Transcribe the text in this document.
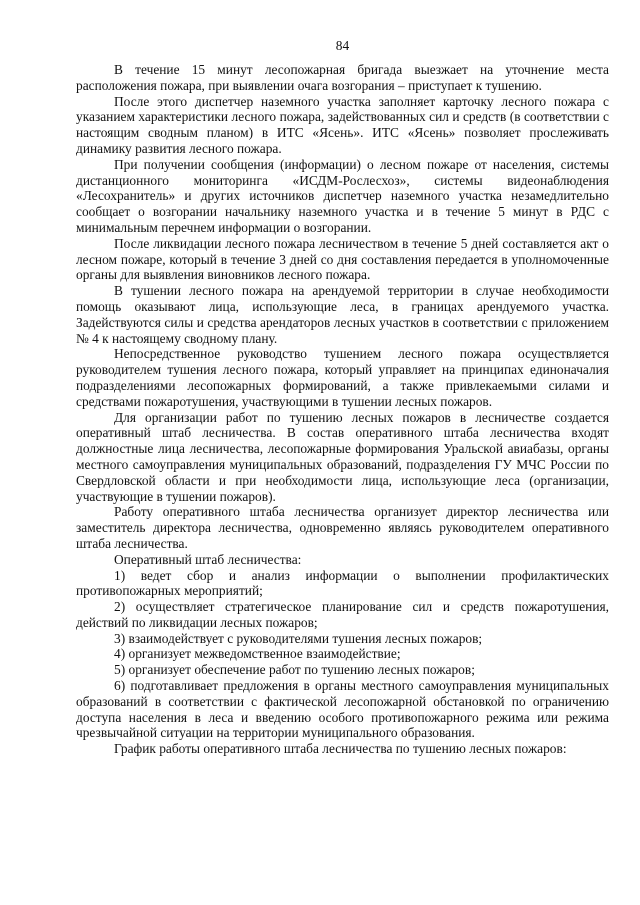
84

В течение 15 минут лесопожарная бригада выезжает на уточнение места расположения пожара, при выявлении очага возгорания – приступает к тушению.

После этого диспетчер наземного участка заполняет карточку лесного пожара с указанием характеристики лесного пожара, задействованных сил и средств (в соответствии с настоящим сводным планом) в ИТС «Ясень». ИТС «Ясень» позволяет прослеживать динамику развития лесного пожара.

При получении сообщения (информации) о лесном пожаре от населения, системы дистанционного мониторинга «ИСДМ-Рослесхоз», системы видеонаблюдения «Лесохранитель» и других источников диспетчер наземного участка незамедлительно сообщает о возгорании начальнику наземного участка и в течение 5 минут в РДС с минимальным перечнем информации о возгорании.

После ликвидации лесного пожара лесничеством в течение 5 дней составляется акт о лесном пожаре, который в течение 3 дней со дня составления передается в уполномоченные органы для выявления виновников лесного пожара.

В тушении лесного пожара на арендуемой территории в случае необходимости помощь оказывают лица, использующие леса, в границах арендуемого участка. Задействуются силы и средства арендаторов лесных участков в соответствии с приложением № 4 к настоящему сводному плану.

Непосредственное руководство тушением лесного пожара осуществляется руководителем тушения лесного пожара, который управляет на принципах единоначалия подразделениями лесопожарных формирований, а также привлекаемыми силами и средствами пожаротушения, участвующими в тушении лесных пожаров.

Для организации работ по тушению лесных пожаров в лесничестве создается оперативный штаб лесничества. В состав оперативного штаба лесничества входят должностные лица лесничества, лесопожарные формирования Уральской авиабазы, органы местного самоуправления муниципальных образований, подразделения ГУ МЧС России по Свердловской области и при необходимости лица, использующие леса (организации, участвующие в тушении пожаров).

Работу оперативного штаба лесничества организует директор лесничества или заместитель директора лесничества, одновременно являясь руководителем оперативного штаба лесничества.

Оперативный штаб лесничества:

1) ведет сбор и анализ информации о выполнении профилактических противопожарных мероприятий;

2) осуществляет стратегическое планирование сил и средств пожаротушения, действий по ликвидации лесных пожаров;

3) взаимодействует с руководителями тушения лесных пожаров;

4) организует межведомственное взаимодействие;

5) организует обеспечение работ по тушению лесных пожаров;

6) подготавливает предложения в органы местного самоуправления муниципальных образований в соответствии с фактической лесопожарной обстановкой по ограничению доступа населения в леса и введению особого противопожарного режима или режима чрезвычайной ситуации на территории муниципального образования.

График работы оперативного штаба лесничества по тушению лесных пожаров:
